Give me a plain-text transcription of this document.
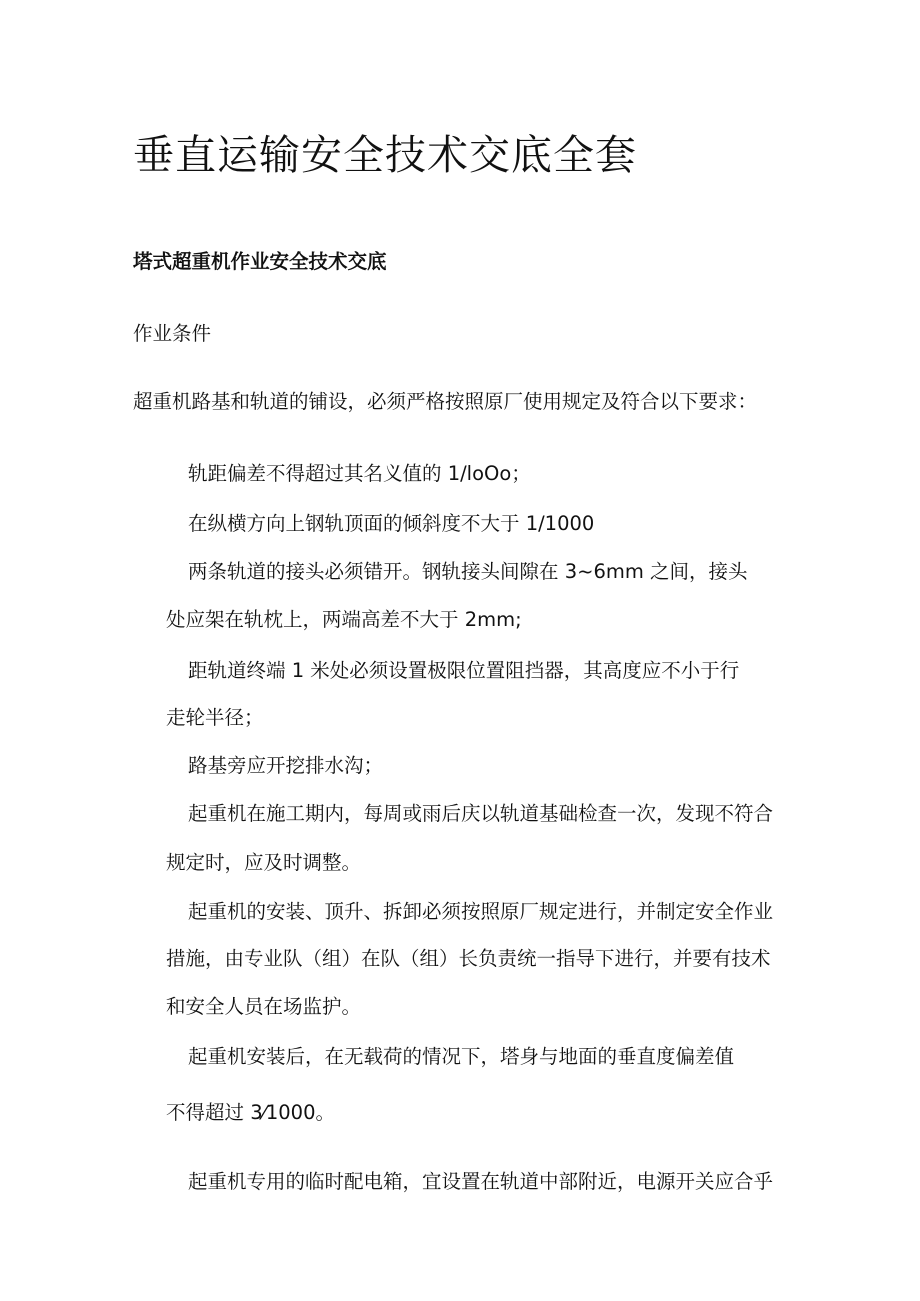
垂直运输安全技术交底全套
塔式超重机作业安全技术交底
作业条件
超重机路基和轨道的铺设，必须严格按照原厂使用规定及符合以下要求：
轨距偏差不得超过其名义值的 1/loOo；
在纵横方向上钢轨顶面的倾斜度不大于 1/1000
两条轨道的接头必须错开。钢轨接头间隙在 3~6mm 之间，接头
处应架在轨枕上，两端高差不大于 2mm;
距轨道终端 1 米处必须设置极限位置阻挡器，其高度应不小于行
走轮半径；
路基旁应开挖排水沟；
起重机在施工期内，每周或雨后庆以轨道基础检查一次，发现不符合
规定时，应及时调整。
起重机的安装、顶升、拆卸必须按照原厂规定进行，并制定安全作业
措施，由专业队（组）在队（组）长负责统一指导下进行，并要有技术
和安全人员在场监护。
起重机安装后，在无载荷的情况下，塔身与地面的垂直度偏差值
不得超过 3⁄1000。
起重机专用的临时配电箱，宜设置在轨道中部附近，电源开关应合乎
